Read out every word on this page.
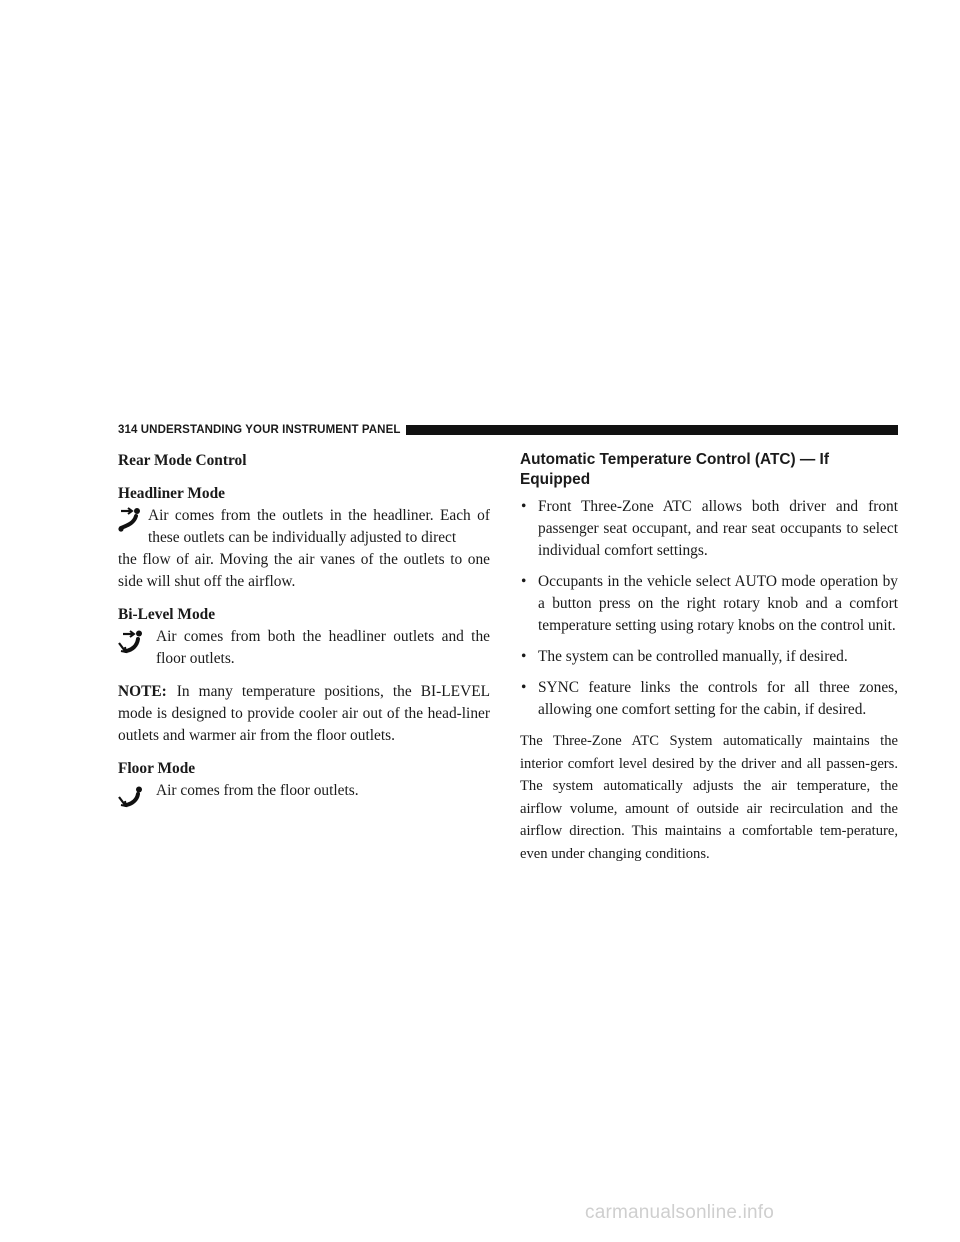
314 UNDERSTANDING YOUR INSTRUMENT PANEL

Rear Mode Control

Headliner Mode

Air comes from the outlets in the headliner. Each of these outlets can be individually adjusted to direct

the flow of air. Moving the air vanes of the outlets to one side will shut off the airflow.

Bi-Level Mode

Air comes from both the headliner outlets and the floor outlets.

NOTE: In many temperature positions, the BI-LEVEL mode is designed to provide cooler air out of the head-liner outlets and warmer air from the floor outlets.

Floor Mode

Air comes from the floor outlets.

Automatic Temperature Control (ATC) — If Equipped

• Front Three-Zone ATC allows both driver and front passenger seat occupant, and rear seat occupants to select individual comfort settings.
• Occupants in the vehicle select AUTO mode operation by a button press on the right rotary knob and a comfort temperature setting using rotary knobs on the control unit.
• The system can be controlled manually, if desired.
• SYNC feature links the controls for all three zones, allowing one comfort setting for the cabin, if desired.

The Three-Zone ATC System automatically maintains the interior comfort level desired by the driver and all passen-gers. The system automatically adjusts the air temperature, the airflow volume, amount of outside air recirculation and the airflow direction. This maintains a comfortable tem-perature, even under changing conditions.

carmanualsonline.info
